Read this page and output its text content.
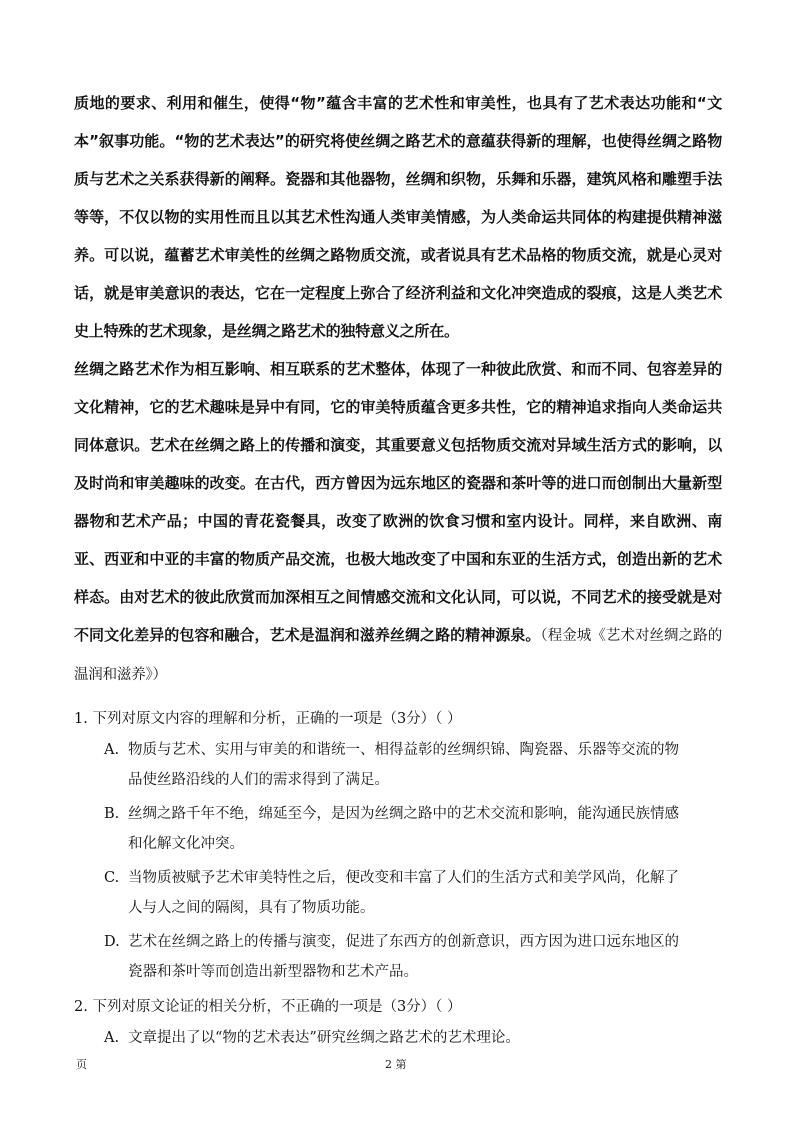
质地的要求、利用和催生，使得“物”蕴含丰富的艺术性和审美性，也具有了艺术表达功能和“文本”叙事功能。“物的艺术表达”的研究将使丝绸之路艺术的意蕴获得新的理解，也使得丝绸之路物质与艺术之关系获得新的阐释。瓷器和其他器物，丝绸和织物，乐舞和乐器，建筑风格和雕塑手法等等，不仅以物的实用性而且以其艺术性沟通人类审美情感，为人类命运共同体的构建提供精神滋养。可以说，蕴蓄艺术审美性的丝绸之路物质交流，或者说具有艺术品格的物质交流，就是心灵对话，就是审美意识的表达，它在一定程度上弥合了经济利益和文化冲突造成的裂痕，这是人类艺术史上特殊的艺术现象，是丝绸之路艺术的独特意义之所在。

丝绸之路艺术作为相互影响、相互联系的艺术整体，体现了一种彼此欣赏、和而不同、包容差异的文化精神，它的艺术趣味是异中有同，它的审美特质蕴含更多共性，它的精神追求指向人类命运共同体意识。艺术在丝绸之路上的传播和演变，其重要意义包括物质交流对异域生活方式的影响，以及时尚和审美趣味的改变。在古代，西方曾因为远东地区的瓷器和茶叶等的进口而创制出大量新型器物和艺术产品；中国的青花瓷餐具，改变了欧洲的饮食习惯和室内设计。同样，来自欧洲、南亚、西亚和中亚的丰富的物质产品交流，也极大地改变了中国和东亚的生活方式，创造出新的艺术样态。由对艺术的彼此欣赏而加深相互之间情感交流和文化认同，可以说，不同艺术的接受就是对不同文化差异的包容和融合，艺术是温润和滋养丝绸之路的精神源泉。（程金城《艺术对丝绸之路的温润和滋养》）

1. 下列对原文内容的理解和分析，正确的一项是（3分）（ ）
A. 物质与艺术、实用与审美的和谐统一、相得益彰的丝绸织锦、陶瓷器、乐器等交流的物
品使丝路沿线的人们的需求得到了满足。
B. 丝绸之路千年不绝，绵延至今，是因为丝绸之路中的艺术交流和影响，能沟通民族情感
和化解文化冲突。
C. 当物质被赋予艺术审美特性之后，便改变和丰富了人们的生活方式和美学风尚，化解了
人与人之间的隔阂，具有了物质功能。
D. 艺术在丝绸之路上的传播与演变，促进了东西方的创新意识，西方因为进口远东地区的
瓷器和茶叶等而创造出新型器物和艺术产品。
2. 下列对原文论证的相关分析，不正确的一项是（3分）（ ）
A. 文章提出了以“物的艺术表达”研究丝绸之路艺术的艺术理论。
页	2 第
